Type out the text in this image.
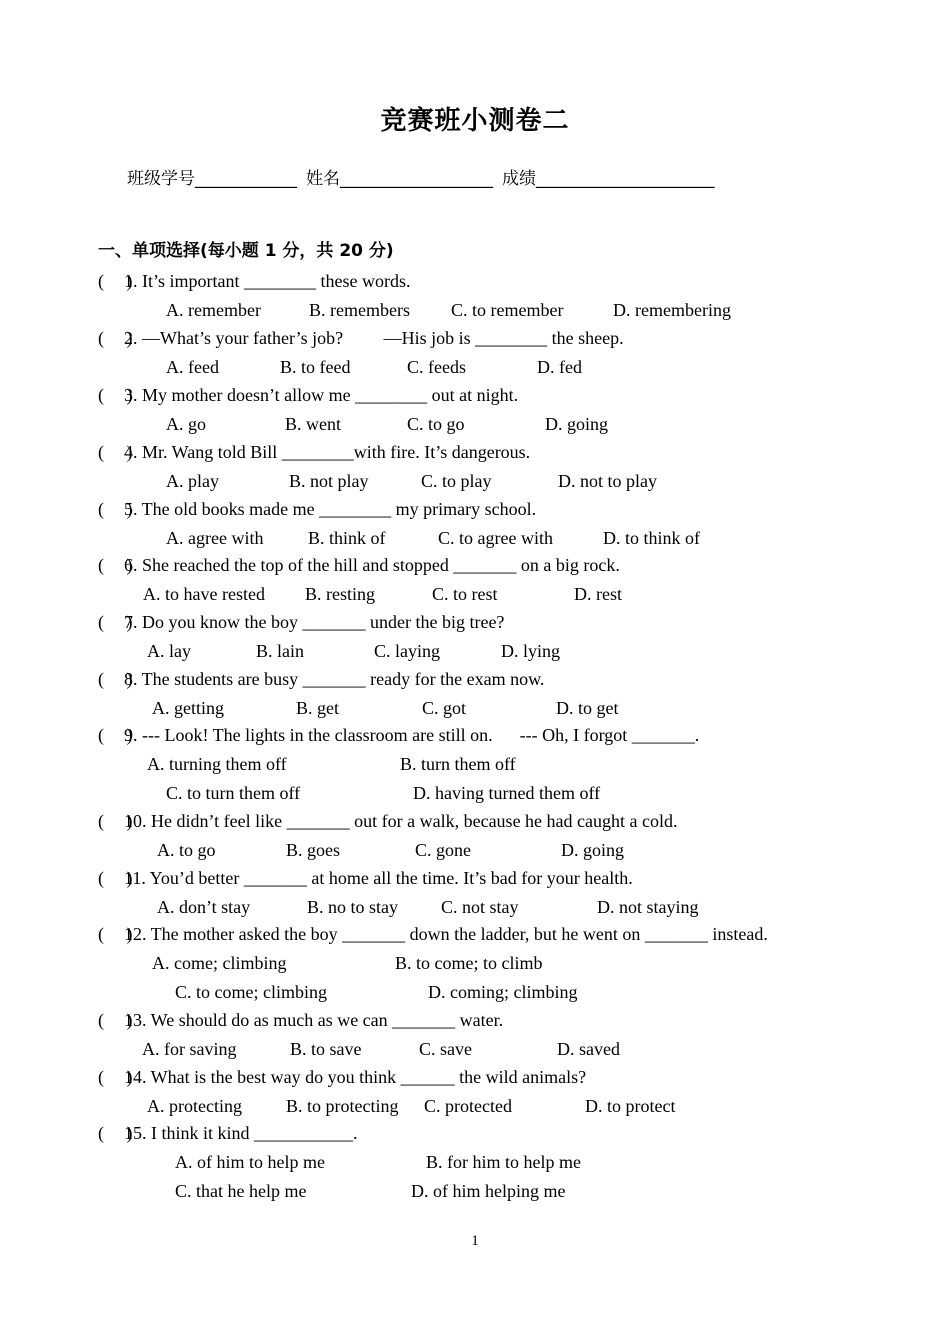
竞赛班小测卷二
班级学号____________ 姓名__________________ 成绩_____________________
一、单项选择(每小题 1 分，共 20 分)
(     )
1. It’s important ________ these words.
A. remember	B. remembers C. to remember	D. remembering
(     )
2. —What’s your father’s job?         —His job is ________ the sheep.
A. feed	B. to feed	C. feeds	D. fed
(     )
3. My mother doesn’t allow me ________ out at night.
A. go	B. went	C. to go	D. going
(     )
4. Mr. Wang told Bill ________with fire. It’s dangerous.
A. play	B. not play	C. to play	D. not to play
(     )
5. The old books made me ________ my primary school.
A. agree with B. think of	C. to agree with	D. to think of
(     )
6. She reached the top of the hill and stopped _______ on a big rock.
A. to have rested B. resting	C. to rest	D. rest
(     )
7. Do you know the boy _______ under the big tree?
A. lay	B. lain	C. laying	D. lying
(     )
8. The students are busy _______ ready for the exam now.
A. getting	B. get	C. got	D. to get
(     )
9. --- Look! The lights in the classroom are still on.      --- Oh, I forgot _______.
A. turning them off	B. turn them off
C. to turn them off	D. having turned them off
(     )
10. He didn’t feel like _______ out for a walk, because he had caught a cold.
A. to go	B. goes	C. gone	D. going
(     )
11. You’d better _______ at home all the time. It’s bad for your health.
A. don’t stay	B. no to stay C. not stay	D. not staying
(     )
12. The mother asked the boy _______ down the ladder, but he went on _______ instead.
A. come; climbing	B. to come; to climb
C. to come; climbing	D. coming; climbing
(     )
13. We should do as much as we can _______ water.
A. for saving	B. to save	C. save	D. saved
(     )
14. What is the best way do you think ______ the wild animals?
A. protecting B. to protecting C. protected	D. to protect
(     )
15. I think it kind ___________.
A. of him to help me	B. for him to help me
C. that he help me	D. of him helping me
1
